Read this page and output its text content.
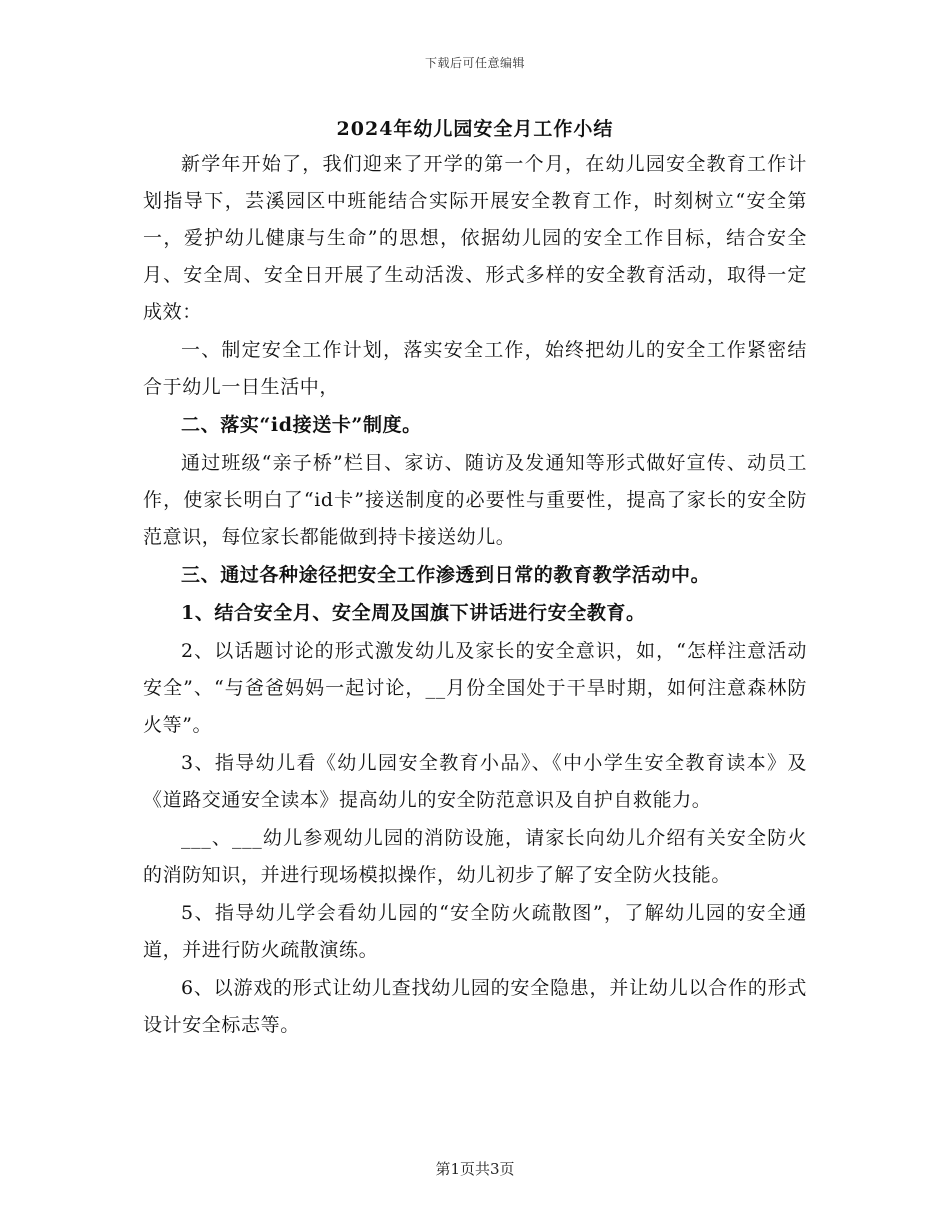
下载后可任意编辑
2024年幼儿园安全月工作小结
新学年开始了，我们迎来了开学的第一个月，在幼儿园安全教育工作计划指导下，芸溪园区中班能结合实际开展安全教育工作，时刻树立“安全第一，爱护幼儿健康与生命”的思想，依据幼儿园的安全工作目标，结合安全月、安全周、安全日开展了生动活泼、形式多样的安全教育活动，取得一定成效：
一、制定安全工作计划，落实安全工作，始终把幼儿的安全工作紧密结合于幼儿一日生活中，
二、落实“id接送卡”制度。
通过班级“亲子桥”栏目、家访、随访及发通知等形式做好宣传、动员工作，使家长明白了“id卡”接送制度的必要性与重要性，提高了家长的安全防范意识，每位家长都能做到持卡接送幼儿。
三、通过各种途径把安全工作渗透到日常的教育教学活动中。
1、结合安全月、安全周及国旗下讲话进行安全教育。
2、以话题讨论的形式激发幼儿及家长的安全意识，如，“怎样注意活动安全”、“与爸爸妈妈一起讨论，__月份全国处于干旱时期，如何注意森林防火等”。
3、指导幼儿看《幼儿园安全教育小品》、《中小学生安全教育读本》及《道路交通安全读本》提高幼儿的安全防范意识及自护自救能力。
___、___幼儿参观幼儿园的消防设施，请家长向幼儿介绍有关安全防火的消防知识，并进行现场模拟操作，幼儿初步了解了安全防火技能。
5、指导幼儿学会看幼儿园的“安全防火疏散图”，了解幼儿园的安全通道，并进行防火疏散演练。
6、以游戏的形式让幼儿查找幼儿园的安全隐患，并让幼儿以合作的形式设计安全标志等。
第1页共3页
